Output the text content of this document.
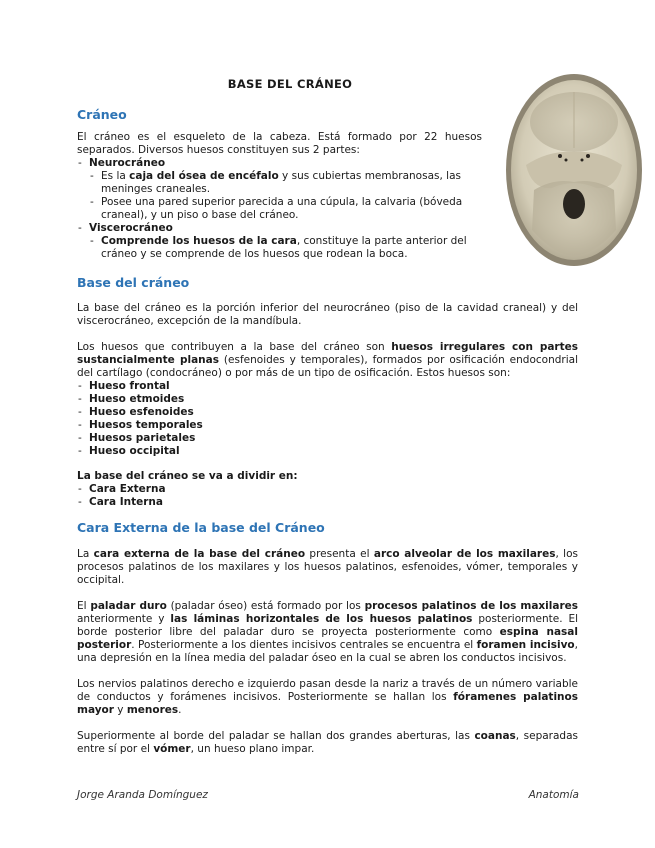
BASE DEL CRÁNEO
Cráneo

El cráneo es el esqueleto de la cabeza. Está formado por 22 huesos separados. Diversos huesos constituyen sus 2 partes:

- Neurocráneo
- Es la caja del ósea de encéfalo y sus cubiertas membranosas, las meninges craneales.
- Posee una pared superior parecida a una cúpula, la calvaria (bóveda craneal), y un piso o base del cráneo.
- Viscerocráneo
- Comprende los huesos de la cara, constituye la parte anterior del cráneo y se comprende de los huesos que rodean la boca.
Base del cráneo

La base del cráneo es la porción inferior del neurocráneo (piso de la cavidad craneal) y del viscerocráneo, excepción de la mandíbula.

Los huesos que contribuyen a la base del cráneo son huesos irregulares con partes sustancialmente planas (esfenoides y temporales), formados por osificación endocondrial del cartílago (condocráneo) o por más de un tipo de osificación. Estos huesos son:

- Hueso frontal
- Hueso etmoides
- Hueso esfenoides
- Huesos temporales
- Huesos parietales
- Hueso occipital

La base del cráneo se va a dividir en:

- Cara Externa
- Cara Interna
Cara Externa de la base del Cráneo

La cara externa de la base del cráneo presenta el arco alveolar de los maxilares, los procesos palatinos de los maxilares y los huesos palatinos, esfenoides, vómer, temporales y occipital.

El paladar duro (paladar óseo) está formado por los procesos palatinos de los maxilares anteriormente y las láminas horizontales de los huesos palatinos posteriormente. El borde posterior libre del paladar duro se proyecta posteriormente como espina nasal posterior. Posteriormente a los dientes incisivos centrales se encuentra el foramen incisivo, una depresión en la línea media del paladar óseo en la cual se abren los conductos incisivos.

Los nervios palatinos derecho e izquierdo pasan desde la nariz a través de un número variable de conductos y forámenes incisivos. Posteriormente se hallan los fóramenes palatinos mayor y menores.

Superiormente al borde del paladar se hallan dos grandes aberturas, las coanas, separadas entre sí por el vómer, un hueso plano impar.

Jorge Aranda Domínguez	Anatomía
